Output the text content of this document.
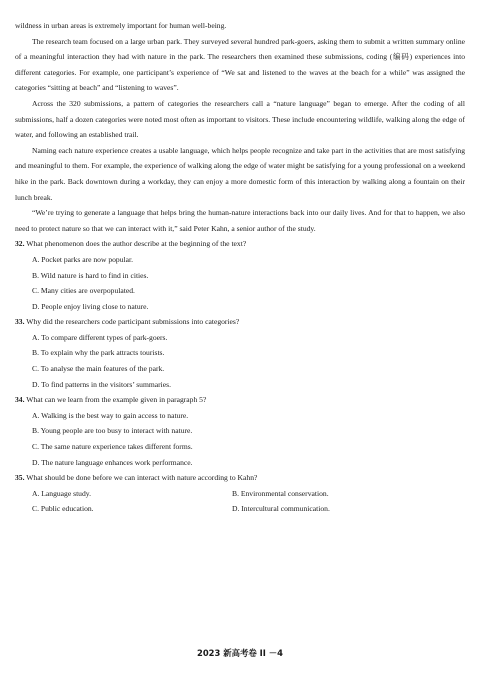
wildness in urban areas is extremely important for human well-being.

The research team focused on a large urban park. They surveyed several hundred park-goers, asking them to submit a written summary online of a meaningful interaction they had with nature in the park. The researchers then examined these submissions, coding (编码) experiences into different categories. For example, one participant’s experience of “We sat and listened to the waves at the beach for a while” was assigned the categories “sitting at beach” and “listening to waves”.

Across the 320 submissions, a pattern of categories the researchers call a “nature language” began to emerge. After the coding of all submissions, half a dozen categories were noted most often as important to visitors. These include encountering wildlife, walking along the edge of water, and following an established trail.

Naming each nature experience creates a usable language, which helps people recognize and take part in the activities that are most satisfying and meaningful to them. For example, the experience of walking along the edge of water might be satisfying for a young professional on a weekend hike in the park. Back downtown during a workday, they can enjoy a more domestic form of this interaction by walking along a fountain on their lunch break.

“We’re trying to generate a language that helps bring the human-nature interactions back into our daily lives. And for that to happen, we also need to protect nature so that we can interact with it,” said Peter Kahn, a senior author of the study.

32. What phenomenon does the author describe at the beginning of the text?
A. Pocket parks are now popular.
B. Wild nature is hard to find in cities.
C. Many cities are overpopulated.
D. People enjoy living close to nature.
33. Why did the researchers code participant submissions into categories?
A. To compare different types of park-goers.
B. To explain why the park attracts tourists.
C. To analyse the main features of the park.
D. To find patterns in the visitors’ summaries.
34. What can we learn from the example given in paragraph 5?
A. Walking is the best way to gain access to nature.
B. Young people are too busy to interact with nature.
C. The same nature experience takes different forms.
D. The nature language enhances work performance.
35. What should be done before we can interact with nature according to Kahn?
A. Language study.	B. Environmental conservation.
C. Public education.	D. Intercultural communication.
2023 新高考卷 II －4
